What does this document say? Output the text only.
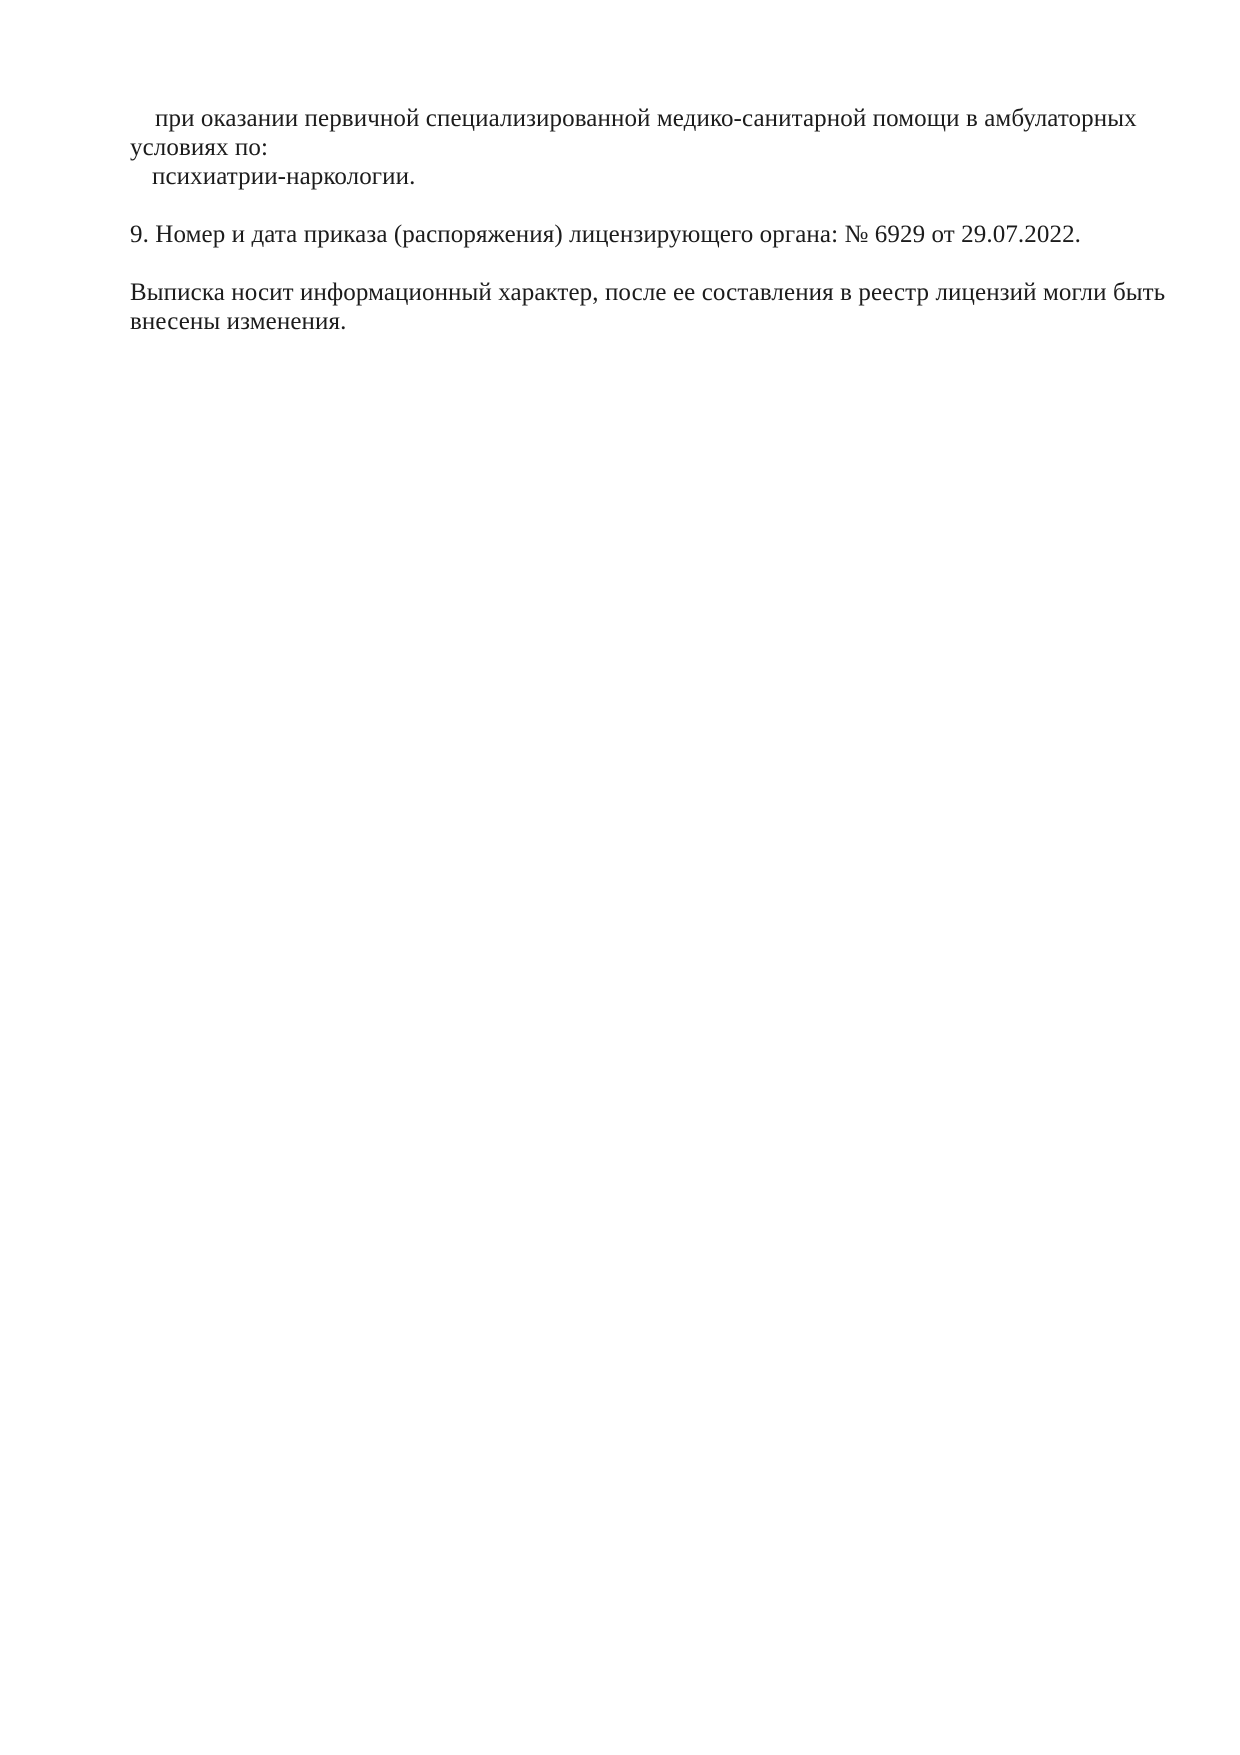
при оказании первичной специализированной медико-санитарной помощи в амбулаторных
условиях по:
психиатрии-наркологии.
9. Номер и дата приказа (распоряжения) лицензирующего органа: № 6929 от 29.07.2022.
Выписка носит информационный характер, после ее составления в реестр лицензий могли быть
внесены изменения.
